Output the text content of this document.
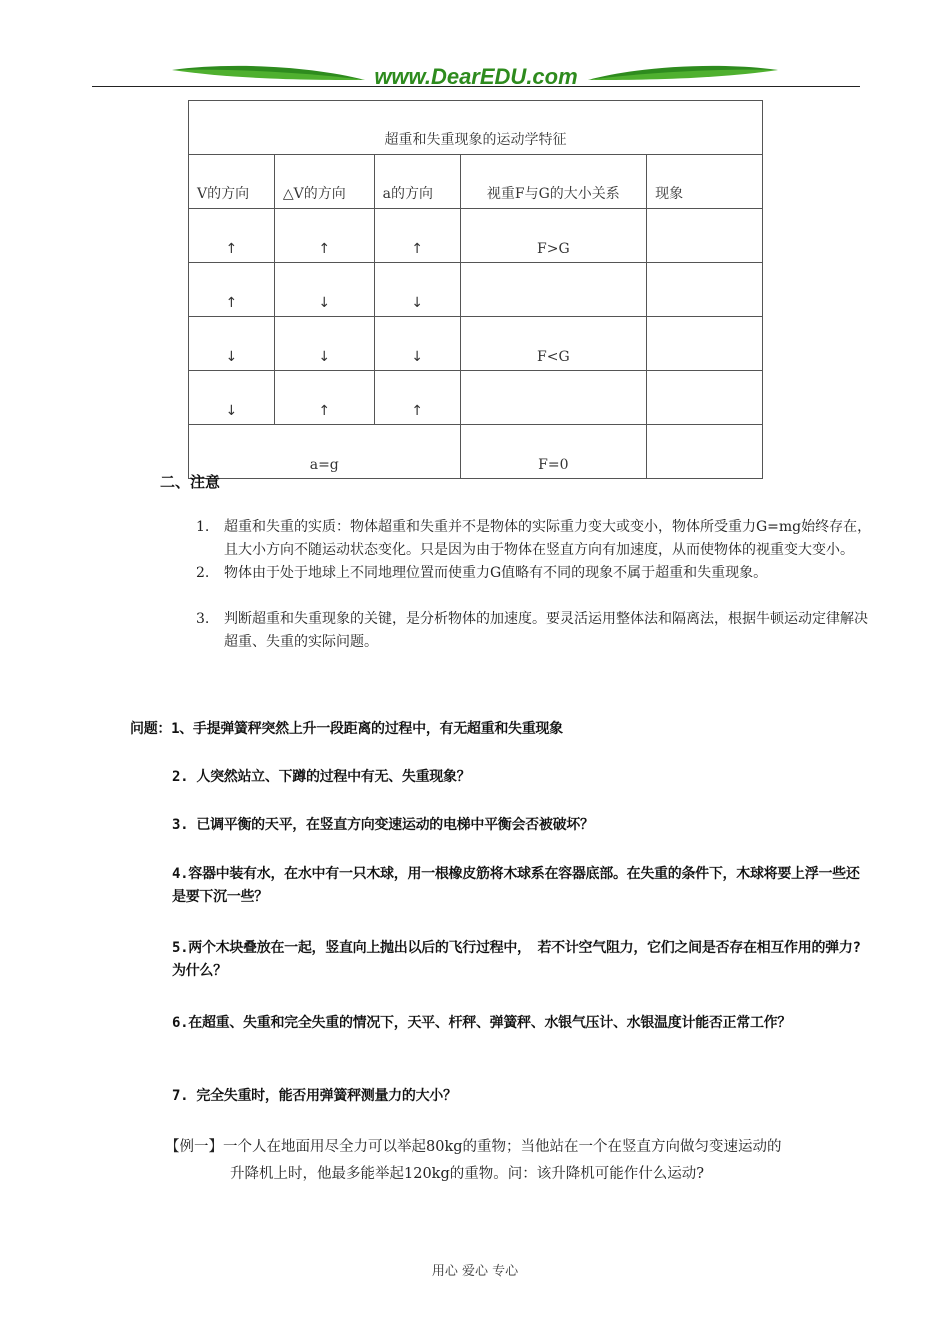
www.DearEDU.com
超重和失重现象的运动学特征				
V的方向	△V的方向	a的方向	视重F与G的大小关系	现象
↑	↑	↑	F>G	
↑	↓	↓		
↓	↓	↓	F<G	
↓	↑	↑		
a=g			F=0	
二、注意
1. 超重和失重的实质：物体超重和失重并不是物体的实际重力变大或变小，物体所受重力G=mg始终存在，且大小方向不随运动状态变化。只是因为由于物体在竖直方向有加速度，从而使物体的视重变大变小。
2. 物体由于处于地球上不同地理位置而使重力G值略有不同的现象不属于超重和失重现象。
3. 判断超重和失重现象的关键，是分析物体的加速度。要灵活运用整体法和隔离法，根据牛顿运动定律解决超重、失重的实际问题。
问题：1、手提弹簧秤突然上升一段距离的过程中，有无超重和失重现象
2. 人突然站立、下蹲的过程中有无、失重现象？
3. 已调平衡的天平，在竖直方向变速运动的电梯中平衡会否被破坏？
4.容器中装有水，在水中有一只木球，用一根橡皮筋将木球系在容器底部。在失重的条件下，木球将要上浮一些还是要下沉一些？
5.两个木块叠放在一起，竖直向上抛出以后的飞行过程中，　若不计空气阻力，它们之间是否存在相互作用的弹力?为什么？
6.在超重、失重和完全失重的情况下，天平、杆秤、弹簧秤、水银气压计、水银温度计能否正常工作？
7. 完全失重时，能否用弹簧秤测量力的大小？
【例一】一个人在地面用尽全力可以举起80kg的重物；当他站在一个在竖直方向做匀变速运动的
升降机上时，他最多能举起120kg的重物。问：该升降机可能作什么运动?
用心 爱心 专心
